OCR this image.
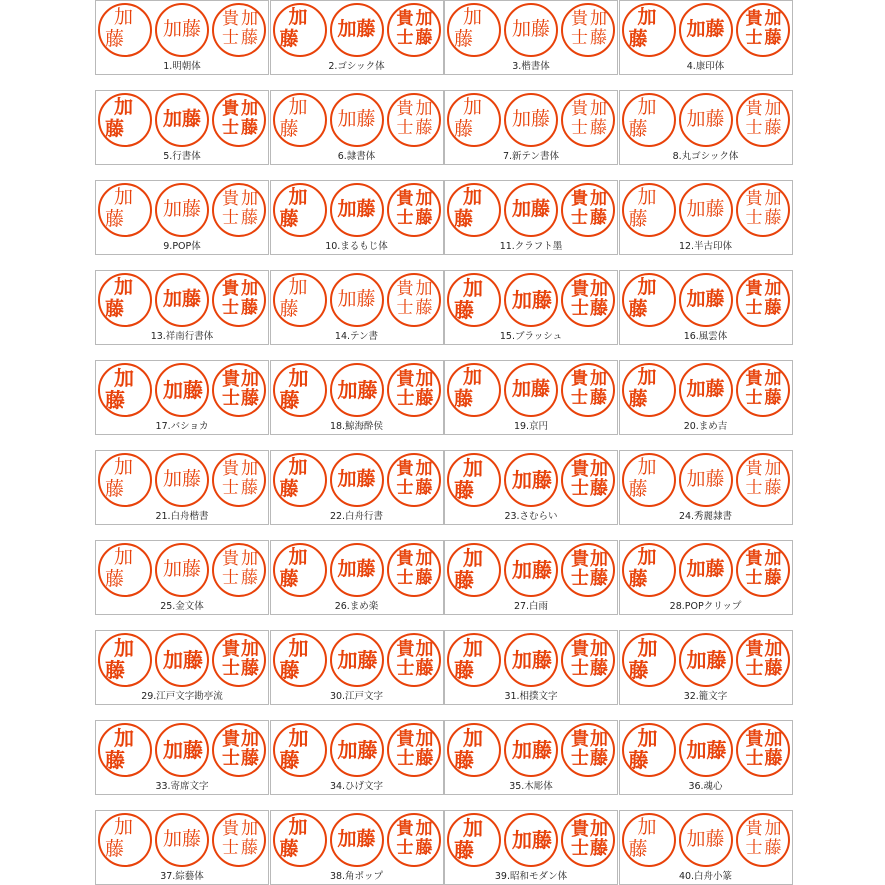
加
藤 加藤 加
藤
貴
士
1.明朝体
加
藤 加藤 加
藤
貴
士
2.ゴシック体
加
藤 加藤 加
藤
貴
士
3.楷書体
加
藤 加藤 加
藤
貴
士
4.康印体
加
藤 加藤 加
藤
貴
士
5.行書体
加
藤 加藤 加
藤
貴
士
6.隷書体
加
藤 加藤 加
藤
貴
士
7.新テン書体
加
藤 加藤 加
藤
貴
士
8.丸ゴシック体
加
藤 加藤 加
藤
貴
士
9.POP体
加
藤 加藤 加
藤
貴
士
10.まるもじ体
加
藤 加藤 加
藤
貴
士
11.クラフト墨
加
藤 加藤 加
藤
貴
士
12.半古印体
加
藤 加藤 加
藤
貴
士
13.祥南行書体
加
藤 加藤 加
藤
貴
士
14.テン書
加
藤 加藤 加
藤
貴
士
15.ブラッシュ
加
藤 加藤 加
藤
貴
士
16.風雲体
加
藤 加藤 加
藤
貴
士
17.バショカ
加
藤 加藤 加
藤
貴
士
18.鯨海酔侯
加
藤 加藤 加
藤
貴
士
19.京円
加
藤 加藤 加
藤
貴
士
20.まめ吉
加
藤 加藤 加
藤
貴
士
21.白舟楷書
加
藤 加藤 加
藤
貴
士
22.白舟行書
加
藤 加藤 加
藤
貴
士
23.さむらい
加
藤 加藤 加
藤
貴
士
24.秀麗隷書
加
藤 加藤 加
藤
貴
士
25.金文体
加
藤 加藤 加
藤
貴
士
26.まめ楽
加
藤 加藤 加
藤
貴
士
27.白雨
加
藤 加藤 加
藤
貴
士
28.POPクリップ
加
藤 加藤 加
藤
貴
士
29.江戸文字勘亭流
加
藤 加藤 加
藤
貴
士
30.江戸文字
加
藤 加藤 加
藤
貴
士
31.相撲文字
加
藤 加藤 加
藤
貴
士
32.籠文字
加
藤 加藤 加
藤
貴
士
33.寄席文字
加
藤 加藤 加
藤
貴
士
34.ひげ文字
加
藤 加藤 加
藤
貴
士
35.木彫体
加
藤 加藤 加
藤
貴
士
36.魂心
加
藤 加藤 加
藤
貴
士
37.綜藝体
加
藤 加藤 加
藤
貴
士
38.角ポップ
加
藤 加藤 加
藤
貴
士
39.昭和モダン体
加
藤 加藤 加
藤
貴
士
40.白舟小篆
